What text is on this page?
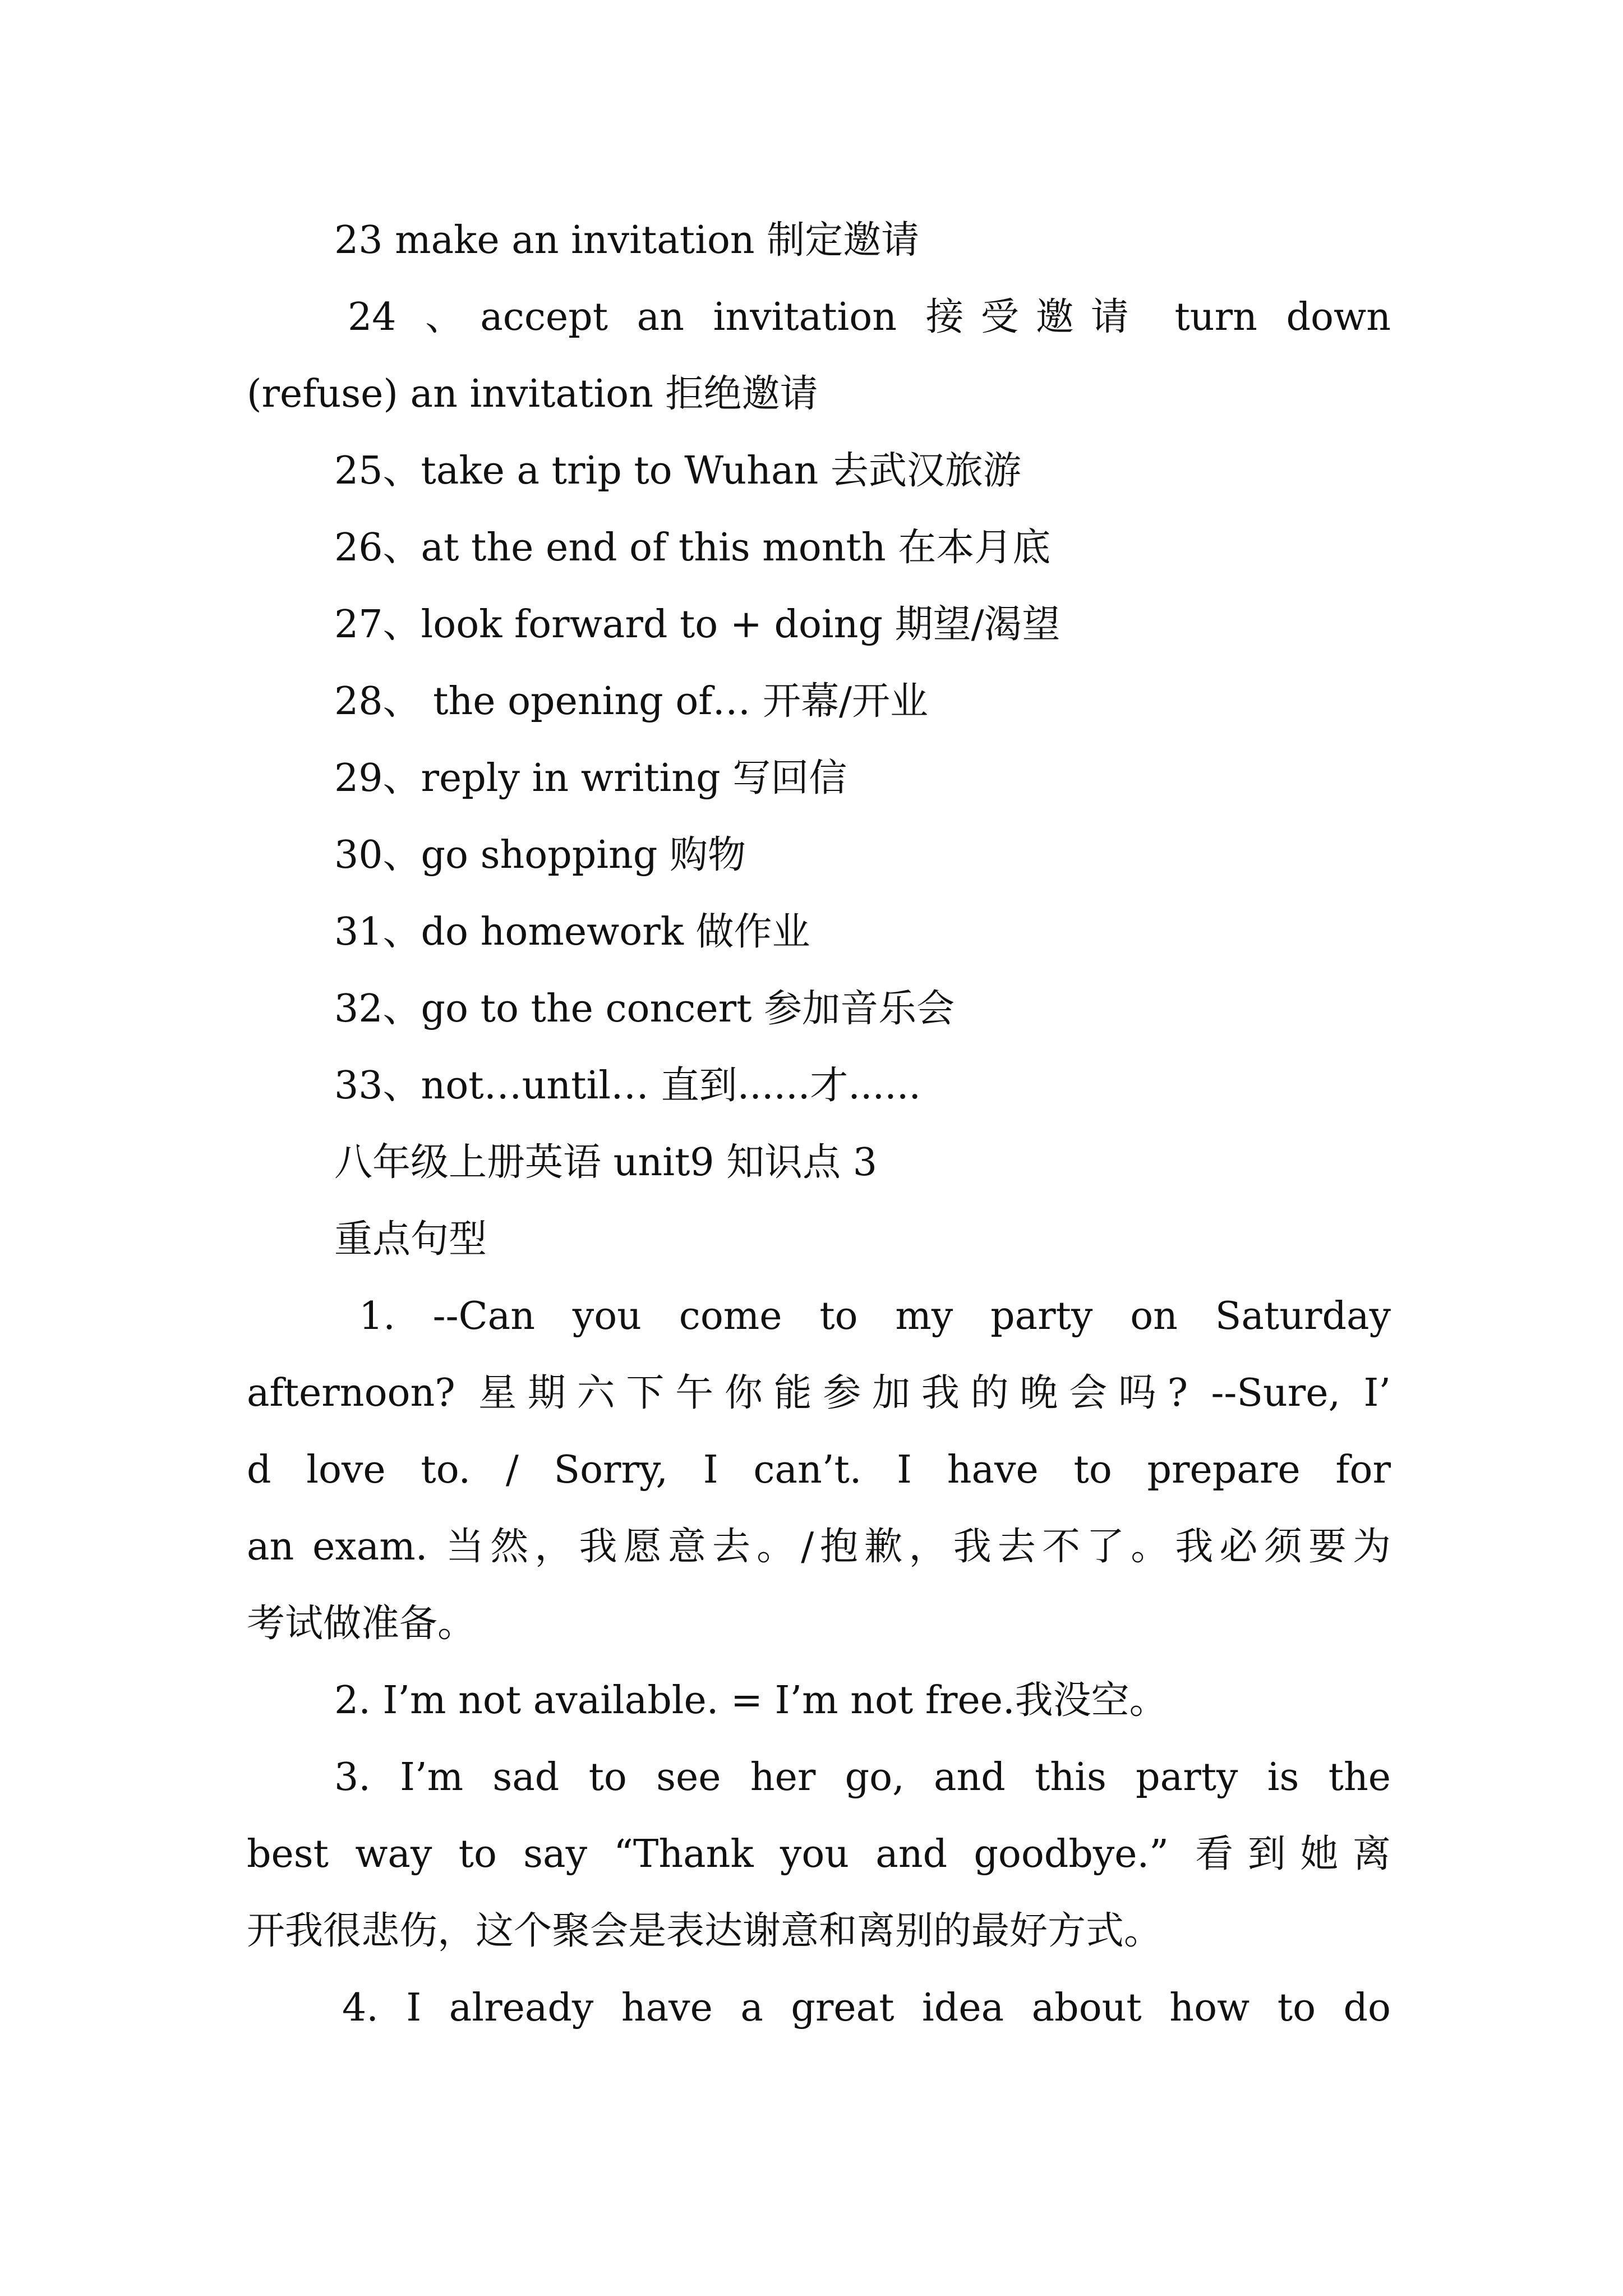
23 make an invitation 制定邀请
24 、accept an invitation 接受邀请 turn down
(refuse) an invitation 拒绝邀请
25、take a trip to Wuhan 去武汉旅游
26、at the end of this month 在本月底
27、look forward to + doing 期望/渴望
28、 the opening of… 开幕/开业
29、reply in writing 写回信
30、go shopping 购物
31、do homework 做作业
32、go to the concert 参加音乐会
33、not…until… 直到......才......
八年级上册英语 unit9 知识点 3
重点句型
1. --Can you come to my party on Saturday
afternoon? 星期六下午你能参加我的晚会吗? --Sure, I’
d love to. / Sorry, I can’t. I have to prepare for
an exam. 当然，我愿意去。/抱歉，我去不了。我必须要为
考试做准备。
2. I’m not available. = I’m not free.我没空。
3. I’m sad to see her go, and this party is the
best way to say “Thank you and goodbye.” 看到她离
开我很悲伤，这个聚会是表达谢意和离别的最好方式。
4. I already have a great idea about how to do
